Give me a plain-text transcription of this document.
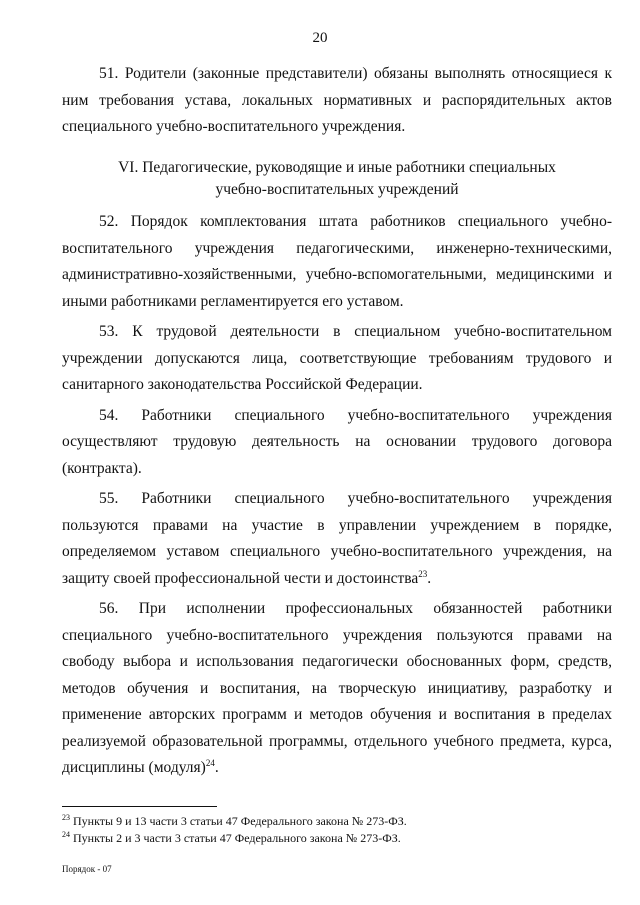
20

51. Родители (законные представители) обязаны выполнять относящиеся к ним требования устава, локальных нормативных и распорядительных актов специального учебно-воспитательного учреждения.

VI. Педагогические, руководящие и иные работники специальных
учебно-воспитательных учреждений

52. Порядок комплектования штата работников специального учебно-воспитательного учреждения педагогическими, инженерно-техническими, административно-хозяйственными, учебно-вспомогательными, медицинскими и иными работниками регламентируется его уставом.

53. К трудовой деятельности в специальном учебно-воспитательном учреждении допускаются лица, соответствующие требованиям трудового и санитарного законодательства Российской Федерации.

54. Работники специального учебно-воспитательного учреждения осуществляют трудовую деятельность на основании трудового договора (контракта).

55. Работники специального учебно-воспитательного учреждения пользуются правами на участие в управлении учреждением в порядке, определяемом уставом специального учебно-воспитательного учреждения, на защиту своей профессиональной чести и достоинства$^{23}$.

56. При исполнении профессиональных обязанностей работники специального учебно-воспитательного учреждения пользуются правами на свободу выбора и использования педагогически обоснованных форм, средств, методов обучения и воспитания, на творческую инициативу, разработку и применение авторских программ и методов обучения и воспитания в пределах реализуемой образовательной программы, отдельного учебного предмета, курса, дисциплины (модуля)$^{24}$.

$^{23}$ Пункты 9 и 13 части 3 статьи 47 Федерального закона № 273-ФЗ.
$^{24}$ Пункты 2 и 3 части 3 статьи 47 Федерального закона № 273-ФЗ.
Порядок - 07
